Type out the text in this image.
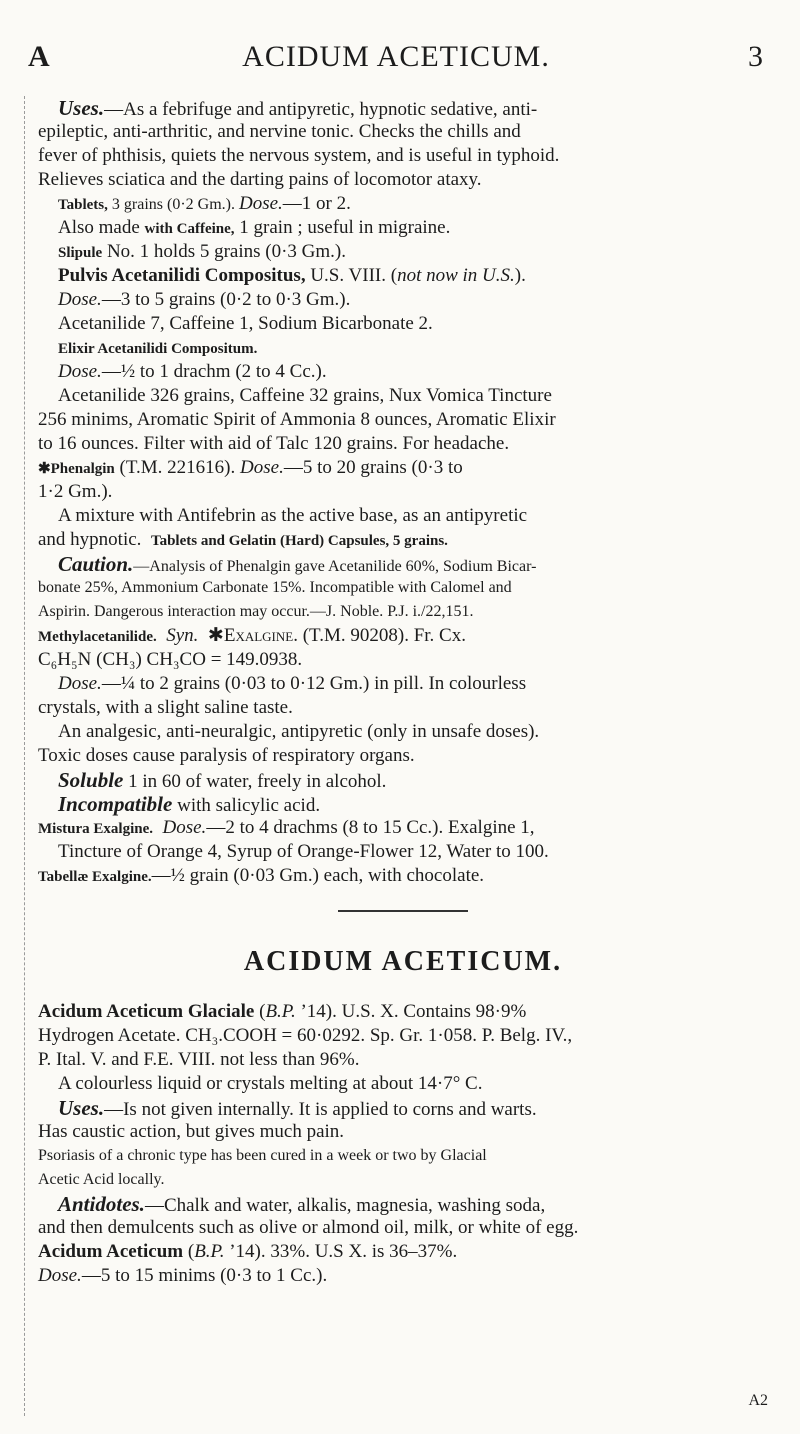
A	ACIDUM ACETICUM.	3
Uses.—As a febrifuge and antipyretic, hypnotic sedative, anti-
epileptic, anti-arthritic, and nervine tonic. Checks the chills and
fever of phthisis, quiets the nervous system, and is useful in typhoid.
Relieves sciatica and the darting pains of locomotor ataxy.
Tablets, 3 grains (0·2 Gm.). Dose.—1 or 2.
Also made with Caffeine, 1 grain ; useful in migraine.
Slipule No. 1 holds 5 grains (0·3 Gm.).
Pulvis Acetanilidi Compositus, U.S. VIII. (not now in U.S.).
Dose.—3 to 5 grains (0·2 to 0·3 Gm.).
Acetanilide 7, Caffeine 1, Sodium Bicarbonate 2.
Elixir Acetanilidi Compositum.
Dose.—½ to 1 drachm (2 to 4 Cc.).
Acetanilide 326 grains, Caffeine 32 grains, Nux Vomica Tincture
256 minims, Aromatic Spirit of Ammonia 8 ounces, Aromatic Elixir
to 16 ounces. Filter with aid of Talc 120 grains. For headache.
✱Phenalgin (T.M. 221616). Dose.—5 to 20 grains (0·3 to
1·2 Gm.).
A mixture with Antifebrin as the active base, as an antipyretic
and hypnotic. Tablets and Gelatin (Hard) Capsules, 5 grains.
Caution.—Analysis of Phenalgin gave Acetanilide 60%, Sodium Bicar-
bonate 25%, Ammonium Carbonate 15%. Incompatible with Calomel and
Aspirin. Dangerous interaction may occur.—J. Noble. P.J. i./22,151.
Methylacetanilide. Syn. ✱Exalgine. (T.M. 90208). Fr. Cx.
C₆H₅N (CH₃) CH₃CO = 149.0938.
Dose.—¼ to 2 grains (0·03 to 0·12 Gm.) in pill. In colourless
crystals, with a slight saline taste.
An analgesic, anti-neuralgic, antipyretic (only in unsafe doses).
Toxic doses cause paralysis of respiratory organs.
Soluble 1 in 60 of water, freely in alcohol.
Incompatible with salicylic acid.
Mistura Exalgine. Dose.—2 to 4 drachms (8 to 15 Cc.). Exalgine 1,
Tincture of Orange 4, Syrup of Orange-Flower 12, Water to 100.
Tabellæ Exalgine.—½ grain (0·03 Gm.) each, with chocolate.
ACIDUM ACETICUM.
Acidum Aceticum Glaciale (B.P. ’14). U.S. X. Contains 98·9%
Hydrogen Acetate. CH₃.COOH = 60·0292. Sp. Gr. 1·058. P. Belg. IV.,
P. Ital. V. and F.E. VIII. not less than 96%.
A colourless liquid or crystals melting at about 14·7° C.
Uses.—Is not given internally. It is applied to corns and warts.
Has caustic action, but gives much pain.
Psoriasis of a chronic type has been cured in a week or two by Glacial
Acetic Acid locally.
Antidotes.—Chalk and water, alkalis, magnesia, washing soda,
and then demulcents such as olive or almond oil, milk, or white of egg.
Acidum Aceticum (B.P. ’14). 33%. U.S X. is 36–37%.
Dose.—5 to 15 minims (0·3 to 1 Cc.).
A2
